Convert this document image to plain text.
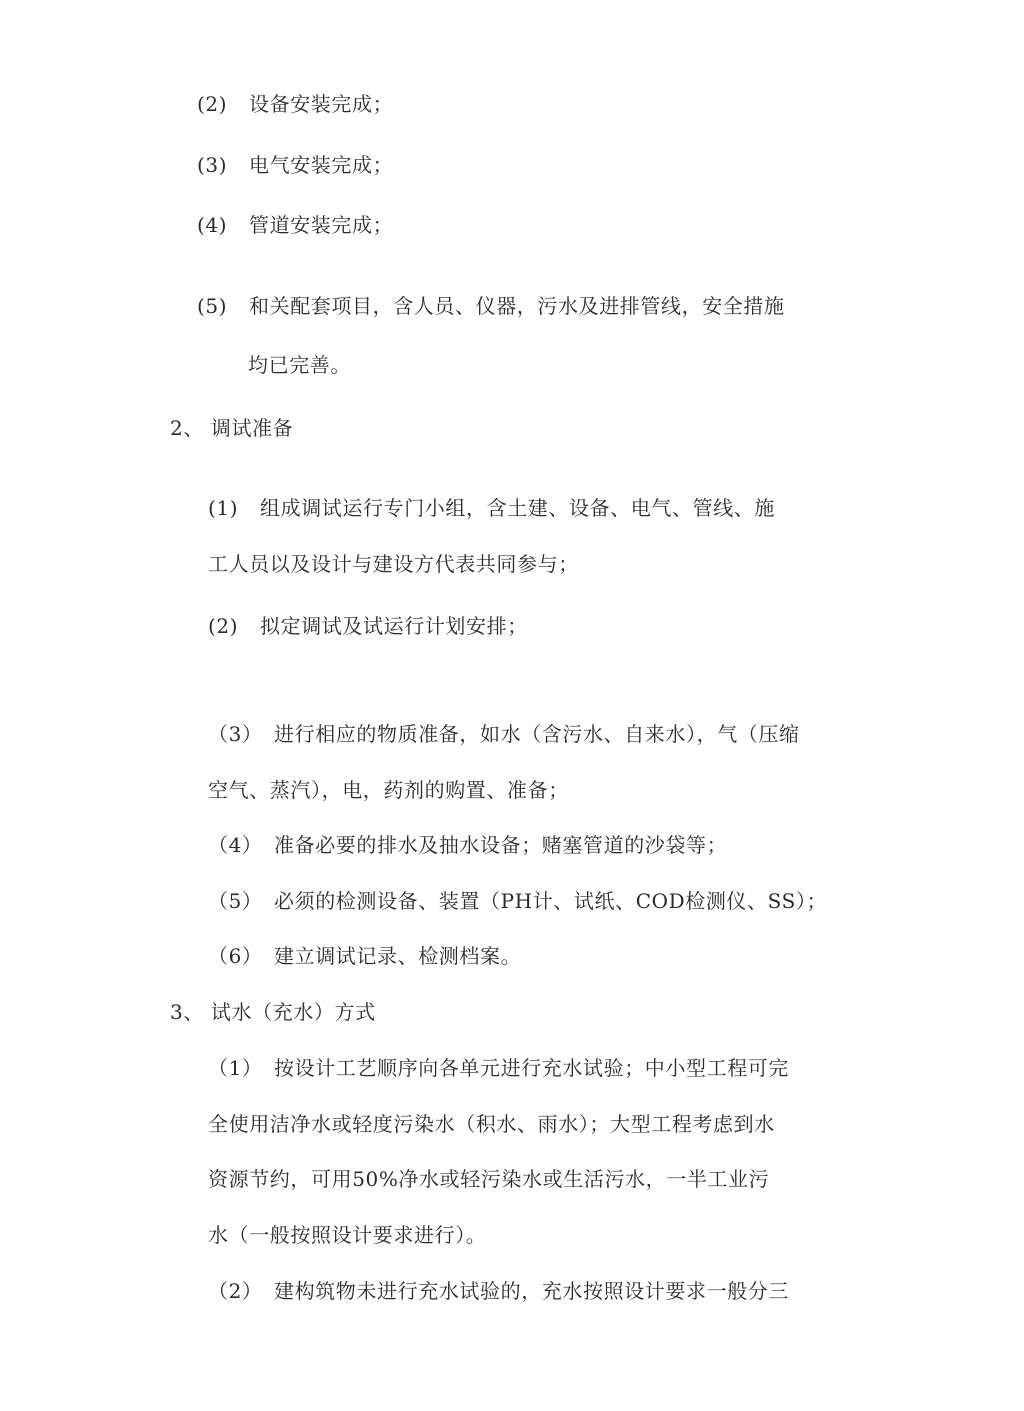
(2) 设备安装完成；
(3) 电气安装完成；
(4) 管道安装完成；
(5) 和关配套项目，含人员、仪器，污水及进排管线，安全措施
均已完善。
2、 调试准备
(1) 组成调试运行专门小组，含土建、设备、电气、管线、施
工人员以及设计与建设方代表共同参与；
(2) 拟定调试及试运行计划安排；
（3） 进行相应的物质准备，如水（含污水、自来水），气（压缩
空气、蒸汽），电，药剂的购置、准备；
（4） 准备必要的排水及抽水设备；赌塞管道的沙袋等；
（5） 必须的检测设备、装置（PH计、试纸、COD检测仪、SS）；
（6） 建立调试记录、检测档案。
3、 试水（充水）方式
（1） 按设计工艺顺序向各单元进行充水试验；中小型工程可完
全使用洁净水或轻度污染水（积水、雨水）；大型工程考虑到水
资源节约，可用50%净水或轻污染水或生活污水，一半工业污
水（一般按照设计要求进行）。
（2） 建构筑物未进行充水试验的，充水按照设计要求一般分三
